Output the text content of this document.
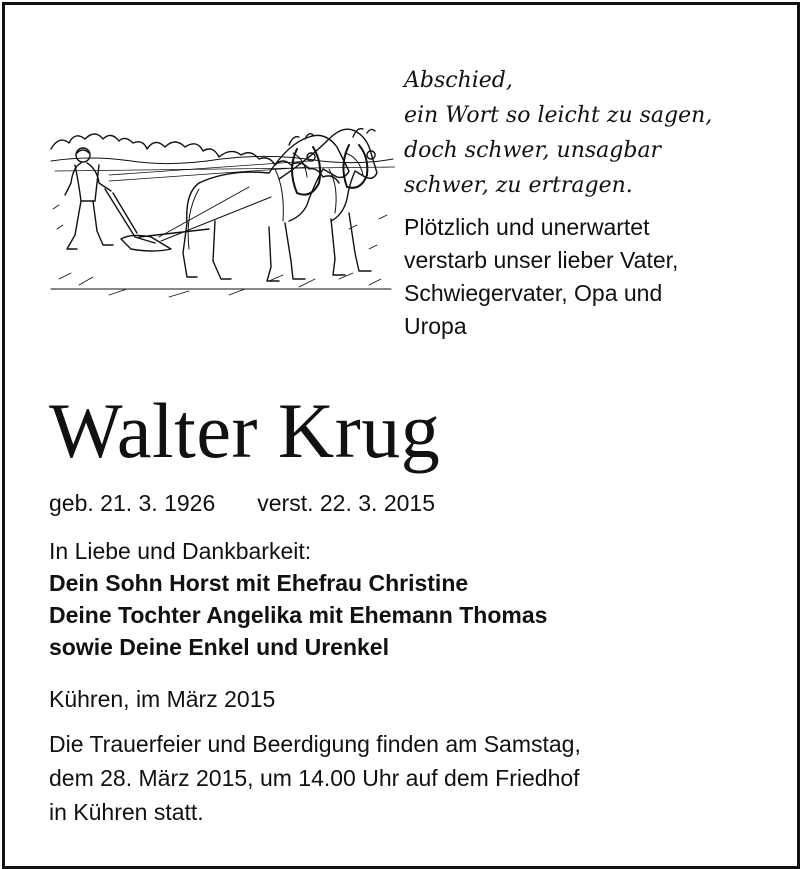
Abschied,
ein Wort so leicht zu sagen,
doch schwer, unsagbar
schwer, zu ertragen.
Plötzlich und unerwartet
verstarb unser lieber Vater,
Schwiegervater, Opa und
Uropa
Walter Krug
geb. 21. 3. 1926 verst. 22. 3. 2015
In Liebe und Dankbarkeit:
Dein Sohn Horst mit Ehefrau Christine
Deine Tochter Angelika mit Ehemann Thomas
sowie Deine Enkel und Urenkel
Kühren, im März 2015
Die Trauerfeier und Beerdigung finden am Samstag,
dem 28. März 2015, um 14.00 Uhr auf dem Friedhof
in Kühren statt.
